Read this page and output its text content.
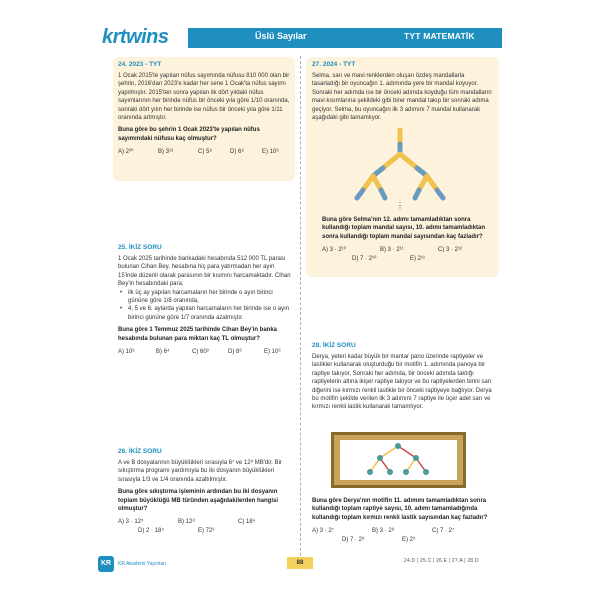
krtwins	Üslü Sayılar	TYT MATEMATİK
24. 2023 - TYT
1 Ocak 2015'te yapılan nüfus sayımında nüfusu 810 000 olan bir şehrin, 2016'dan 2023'e kadar her sene 1 Ocak'ta nüfus sayımı yapılmıştır. 2015'ten sonra yapılan ilk dört yıldaki nüfus sayımlarının her birinde nüfus bir önceki yıla göre 1/10 oranında, sonraki dört yılın her birinde ise nüfus bir önceki yıla göre 1/11 oranında artmıştır.
Buna göre bu şehrin 1 Ocak 2023'te yapılan nüfus sayımındaki nüfusu kaç olmuştur?
A) 2²⁰	B) 3¹³	C) 5⁸	D) 6⁸	E) 10⁶
25. İKİZ SORU
1 Ocak 2025 tarihinde bankadaki hesabında 512 000 TL parası bulunan Cihan Bey, hesabına hiç para yatırmadan her ayın 15'inde düzenli olarak parasının bir kısmını harcamaktadır. Cihan Bey'in hesabındaki para;
• ilk üç ay yapılan harcamaların her birinde o ayın birinci gününe göre 1/8 oranında,
• 4, 5 ve 6. aylarda yapılan harcamaların her birinde ise o ayın birinci gününe göre 1/7 oranında azalmıştır.
Buna göre 1 Temmuz 2025 tarihinde Cihan Bey'in banka hesabında bulunan para miktarı kaç TL olmuştur?
A) 10³	B) 6⁴	C) 60³	D) 8⁶	E) 10⁶
26. İKİZ SORU
A ve B dosyalarının büyüklükleri sırasıyla 6⁷ ve 12⁸ MB'dir. Bir sıkıştırma programı yardımıyla bu iki dosyanın büyüklükleri sırasıyla 1/3 ve 1/4 oranında azaltılmıştır.
Buna göre sıkıştırma işleminin ardından bu iki dosyanın toplam büyüklüğü MB türünden aşağıdakilerden hangisi olmuştur?
A) 3 · 12⁵	B) 12⁸	C) 18⁴
D) 2 · 18⁴	E) 72³
27. 2024 - TYT
Selma, sarı ve mavi renklerden oluşan özdeş mandallarla tasarladığı bir oyuncağın 1. adımında yere bir mandal koyuyor. Sonraki her adımda ise bir önceki adımda koyduğu tüm mandalların mavi kısımlarına şekildeki gibi birer mandal takıp bir sonraki adıma geçiyor. Selma, bu oyuncağın ilk 3 adımını 7 mandal kullanarak aşağıdaki gibi tamamlıyor.
⋮
Buna göre Selma'nın 12. adımı tamamladıktan sonra kullandığı toplam mandal sayısı, 10. adımı tamamladıktan sonra kullandığı toplam mandal sayısından kaç fazladır?
A) 3 · 2¹⁰	B) 3 · 2¹¹	C) 3 · 2¹²
D) 7 · 2¹⁰	E) 2¹¹
28. İKİZ SORU
Derya, yeteri kadar büyük bir mantar pano üzerinde raptiyeler ve lastikler kullanarak oluşturduğu bir motifin 1. adımında panoya bir raptiye takıyor. Sonraki her adımda, bir önceki adımda taktığı raptiyelerin altına ikişer raptiye takıyor ve bu raptiyelerden birini sarı diğerini ise kırmızı renkli lastikle bir önceki raptiyeye bağlıyor. Derya bu motifin şekilde verilen ilk 3 adımını 7 raptiye ile üçer adet sarı ve kırmızı renkli lastik kullanarak tamamlıyor.
Buna göre Derya'nın motifin 11. adımını tamamladıktan sonra kullandığı toplam raptiye sayısı, 10. adımı tamamladığında kullandığı toplam kırmızı renkli lastik sayısından kaç fazladır?
A) 3 · 2⁷	B) 3 · 2⁸	C) 7 · 2⁷
D) 7 · 2⁸	E) 2⁹
KR	KR Akademi Yayınları	88	24.D | 25.C | 26.E | 27.A | 28.D
